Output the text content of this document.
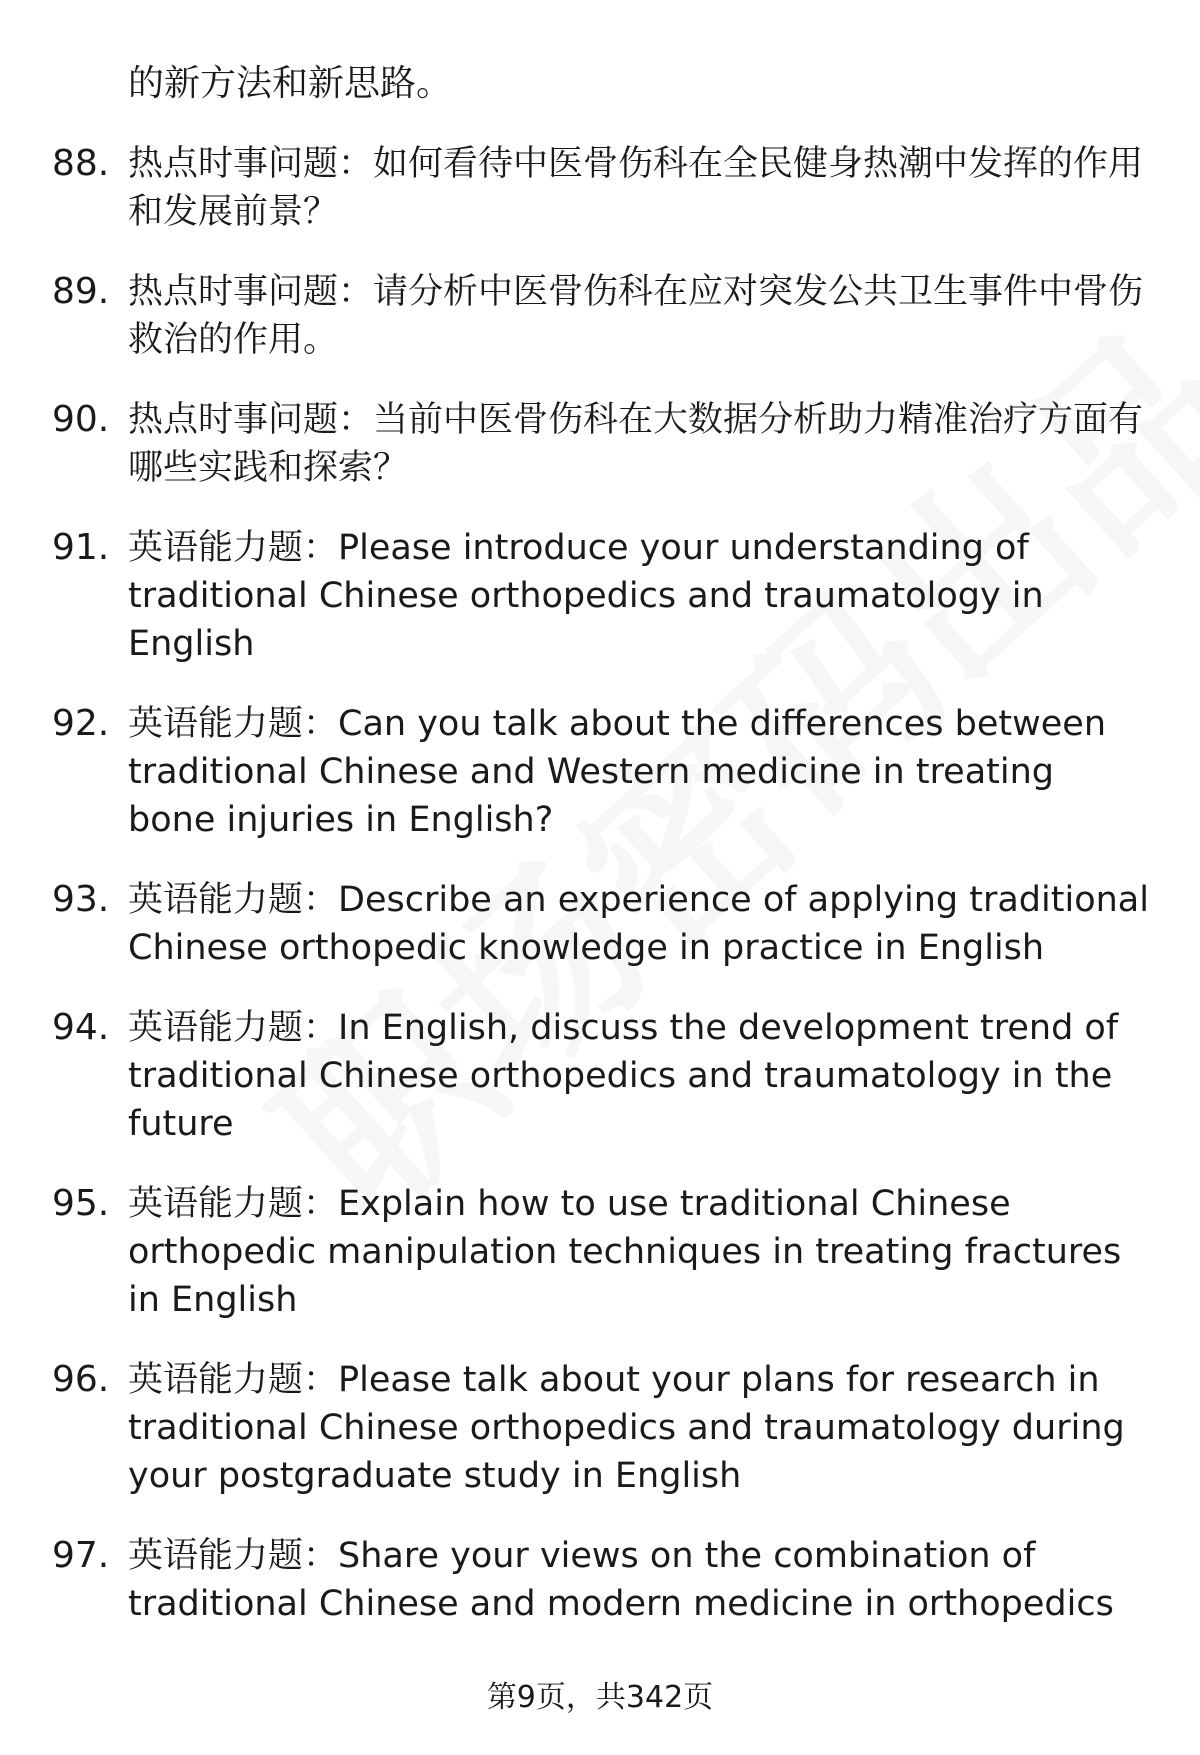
的新方法和新思路。
88. 热点时事问题：如何看待中医骨伤科在全民健身热潮中发挥的作用和发展前景？
89. 热点时事问题：请分析中医骨伤科在应对突发公共卫生事件中骨伤救治的作用。
90. 热点时事问题：当前中医骨伤科在大数据分析助力精准治疗方面有哪些实践和探索？
91. 英语能力题：Please introduce your understanding of traditional Chinese orthopedics and traumatology in English
92. 英语能力题：Can you talk about the differences between traditional Chinese and Western medicine in treating bone injuries in English?
93. 英语能力题：Describe an experience of applying traditional Chinese orthopedic knowledge in practice in English
94. 英语能力题：In English, discuss the development trend of traditional Chinese orthopedics and traumatology in the future
95. 英语能力题：Explain how to use traditional Chinese orthopedic manipulation techniques in treating fractures in English
96. 英语能力题：Please talk about your plans for research in traditional Chinese orthopedics and traumatology during your postgraduate study in English
97. 英语能力题：Share your views on the combination of traditional Chinese and modern medicine in orthopedics
第9页，共342页
